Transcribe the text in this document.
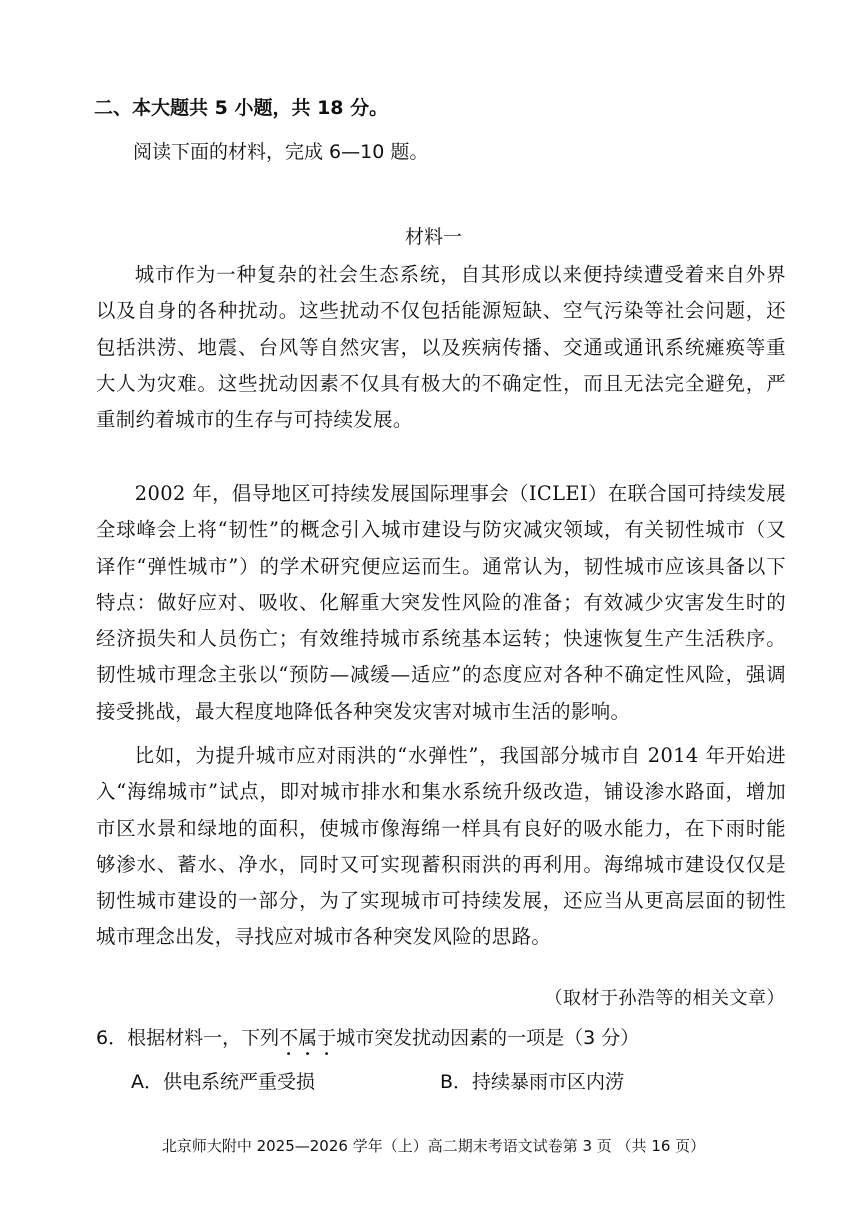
二、本大题共 5 小题，共 18 分。
阅读下面的材料，完成 6—10 题。
材料一
城市作为一种复杂的社会生态系统，自其形成以来便持续遭受着来自外界以及自身的各种扰动。这些扰动不仅包括能源短缺、空气污染等社会问题，还包括洪涝、地震、台风等自然灾害，以及疾病传播、交通或通讯系统瘫痪等重大人为灾难。这些扰动因素不仅具有极大的不确定性，而且无法完全避免，严重制约着城市的生存与可持续发展。
2002 年，倡导地区可持续发展国际理事会（ICLEI）在联合国可持续发展全球峰会上将“韧性”的概念引入城市建设与防灾减灾领域，有关韧性城市（又译作“弹性城市”）的学术研究便应运而生。通常认为，韧性城市应该具备以下特点：做好应对、吸收、化解重大突发性风险的准备；有效减少灾害发生时的经济损失和人员伤亡；有效维持城市系统基本运转；快速恢复生产生活秩序。韧性城市理念主张以“预防—减缓—适应”的态度应对各种不确定性风险，强调接受挑战，最大程度地降低各种突发灾害对城市生活的影响。
比如，为提升城市应对雨洪的“水弹性”，我国部分城市自 2014 年开始进入“海绵城市”试点，即对城市排水和集水系统升级改造，铺设渗水路面，增加市区水景和绿地的面积，使城市像海绵一样具有良好的吸水能力，在下雨时能够渗水、蓄水、净水，同时又可实现蓄积雨洪的再利用。海绵城市建设仅仅是韧性城市建设的一部分，为了实现城市可持续发展，还应当从更高层面的韧性城市理念出发，寻找应对城市各种突发风险的思路。
（取材于孙浩等的相关文章）
6．根据材料一，下列不属于城市突发扰动因素的一项是（3 分）
A．供电系统严重受损	B．持续暴雨市区内涝
北京师大附中 2025—2026 学年（上）高二期末考语文试卷第 3 页 （共 16 页）
